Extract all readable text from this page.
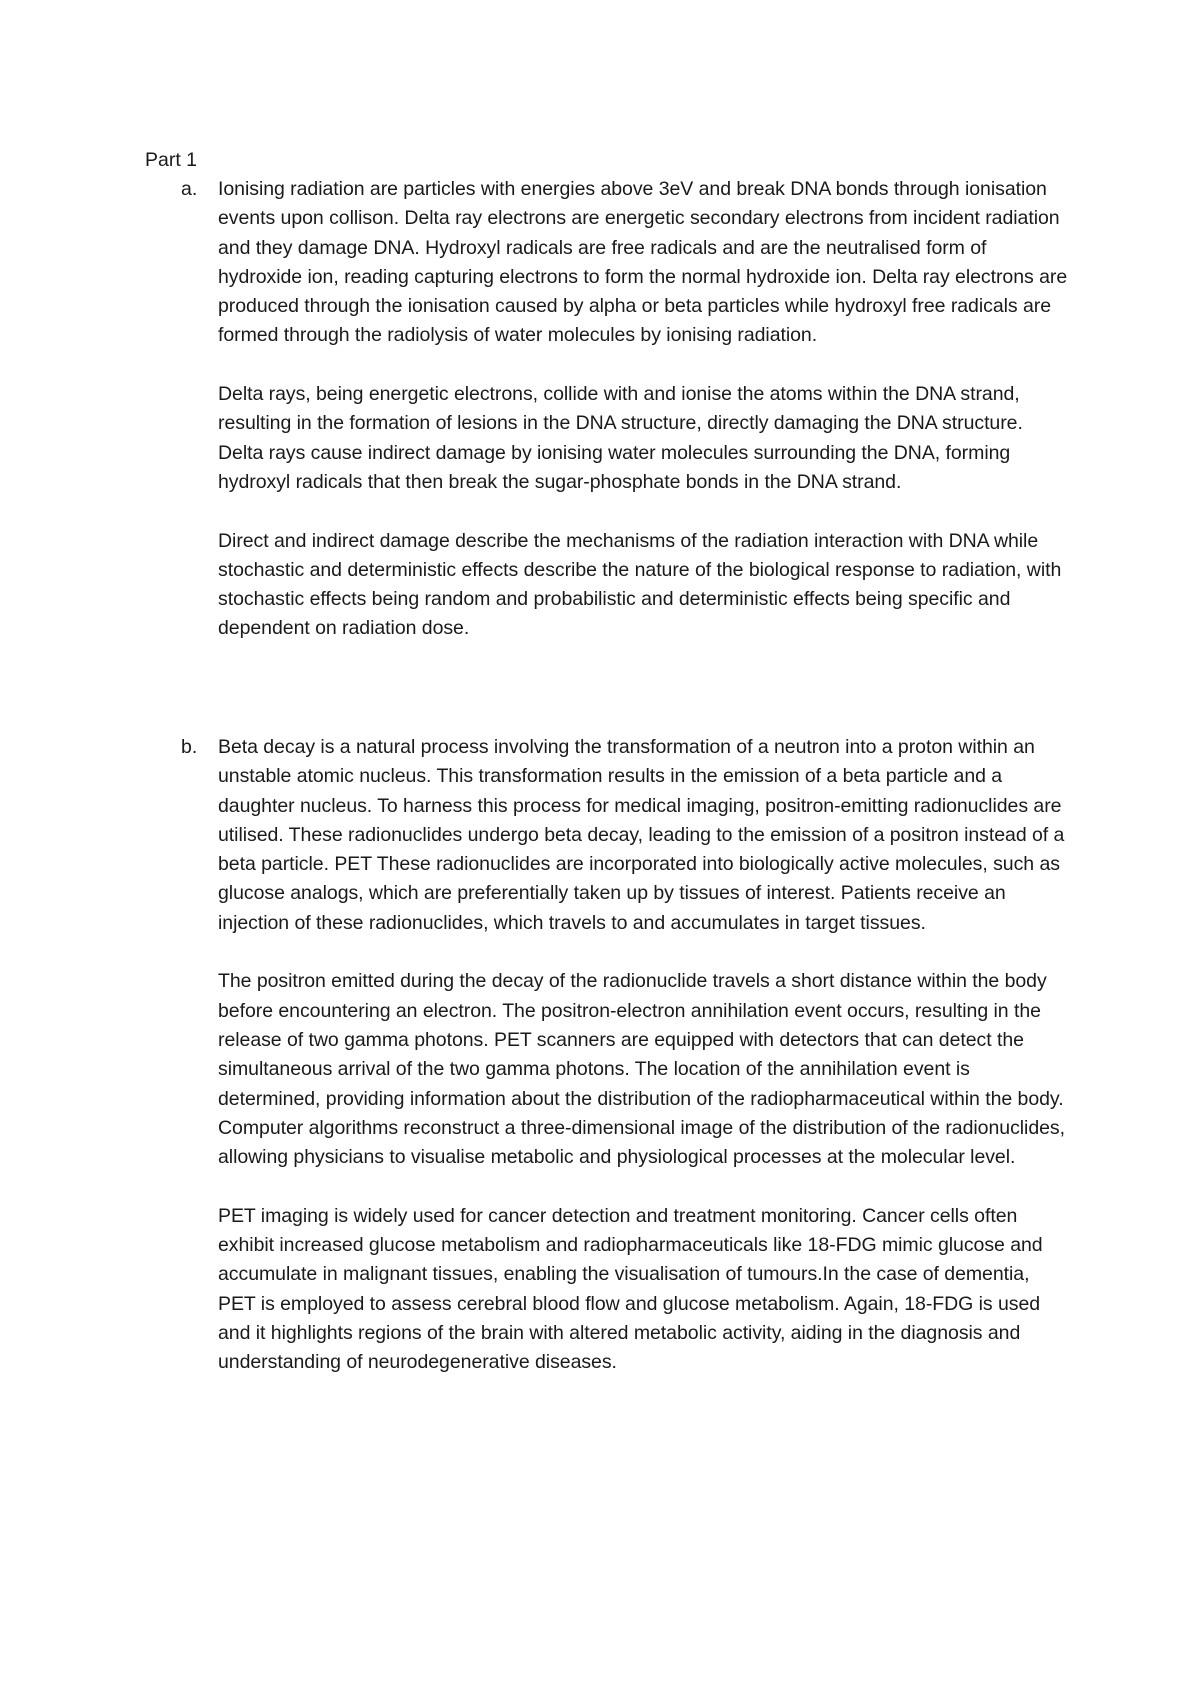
Part 1
a. Ionising radiation are particles with energies above 3eV and break DNA bonds through ionisation events upon collison. Delta ray electrons are energetic secondary electrons from incident radiation and they damage DNA. Hydroxyl radicals are free radicals and are the neutralised form of hydroxide ion, reading capturing electrons to form the normal hydroxide ion. Delta ray electrons are produced through the ionisation caused by alpha or beta particles while hydroxyl free radicals are formed through the radiolysis of water molecules by ionising radiation.

Delta rays, being energetic electrons, collide with and ionise the atoms within the DNA strand, resulting in the formation of lesions in the DNA structure, directly damaging the DNA structure. Delta rays cause indirect damage by ionising water molecules surrounding the DNA, forming hydroxyl radicals that then break the sugar-phosphate bonds in the DNA strand.

Direct and indirect damage describe the mechanisms of the radiation interaction with DNA while stochastic and deterministic effects describe the nature of the biological response to radiation, with stochastic effects being random and probabilistic and deterministic effects being specific and dependent on radiation dose.

b. Beta decay is a natural process involving the transformation of a neutron into a proton within an unstable atomic nucleus. This transformation results in the emission of a beta particle and a daughter nucleus. To harness this process for medical imaging, positron-emitting radionuclides are utilised. These radionuclides undergo beta decay, leading to the emission of a positron instead of a beta particle. PET These radionuclides are incorporated into biologically active molecules, such as glucose analogs, which are preferentially taken up by tissues of interest. Patients receive an injection of these radionuclides, which travels to and accumulates in target tissues.

The positron emitted during the decay of the radionuclide travels a short distance within the body before encountering an electron. The positron-electron annihilation event occurs, resulting in the release of two gamma photons. PET scanners are equipped with detectors that can detect the simultaneous arrival of the two gamma photons. The location of the annihilation event is determined, providing information about the distribution of the radiopharmaceutical within the body. Computer algorithms reconstruct a three-dimensional image of the distribution of the radionuclides, allowing physicians to visualise metabolic and physiological processes at the molecular level.

PET imaging is widely used for cancer detection and treatment monitoring. Cancer cells often exhibit increased glucose metabolism and radiopharmaceuticals like 18-FDG mimic glucose and accumulate in malignant tissues, enabling the visualisation of tumours.In the case of dementia, PET is employed to assess cerebral blood flow and glucose metabolism. Again, 18-FDG is used and it highlights regions of the brain with altered metabolic activity, aiding in the diagnosis and understanding of neurodegenerative diseases.
